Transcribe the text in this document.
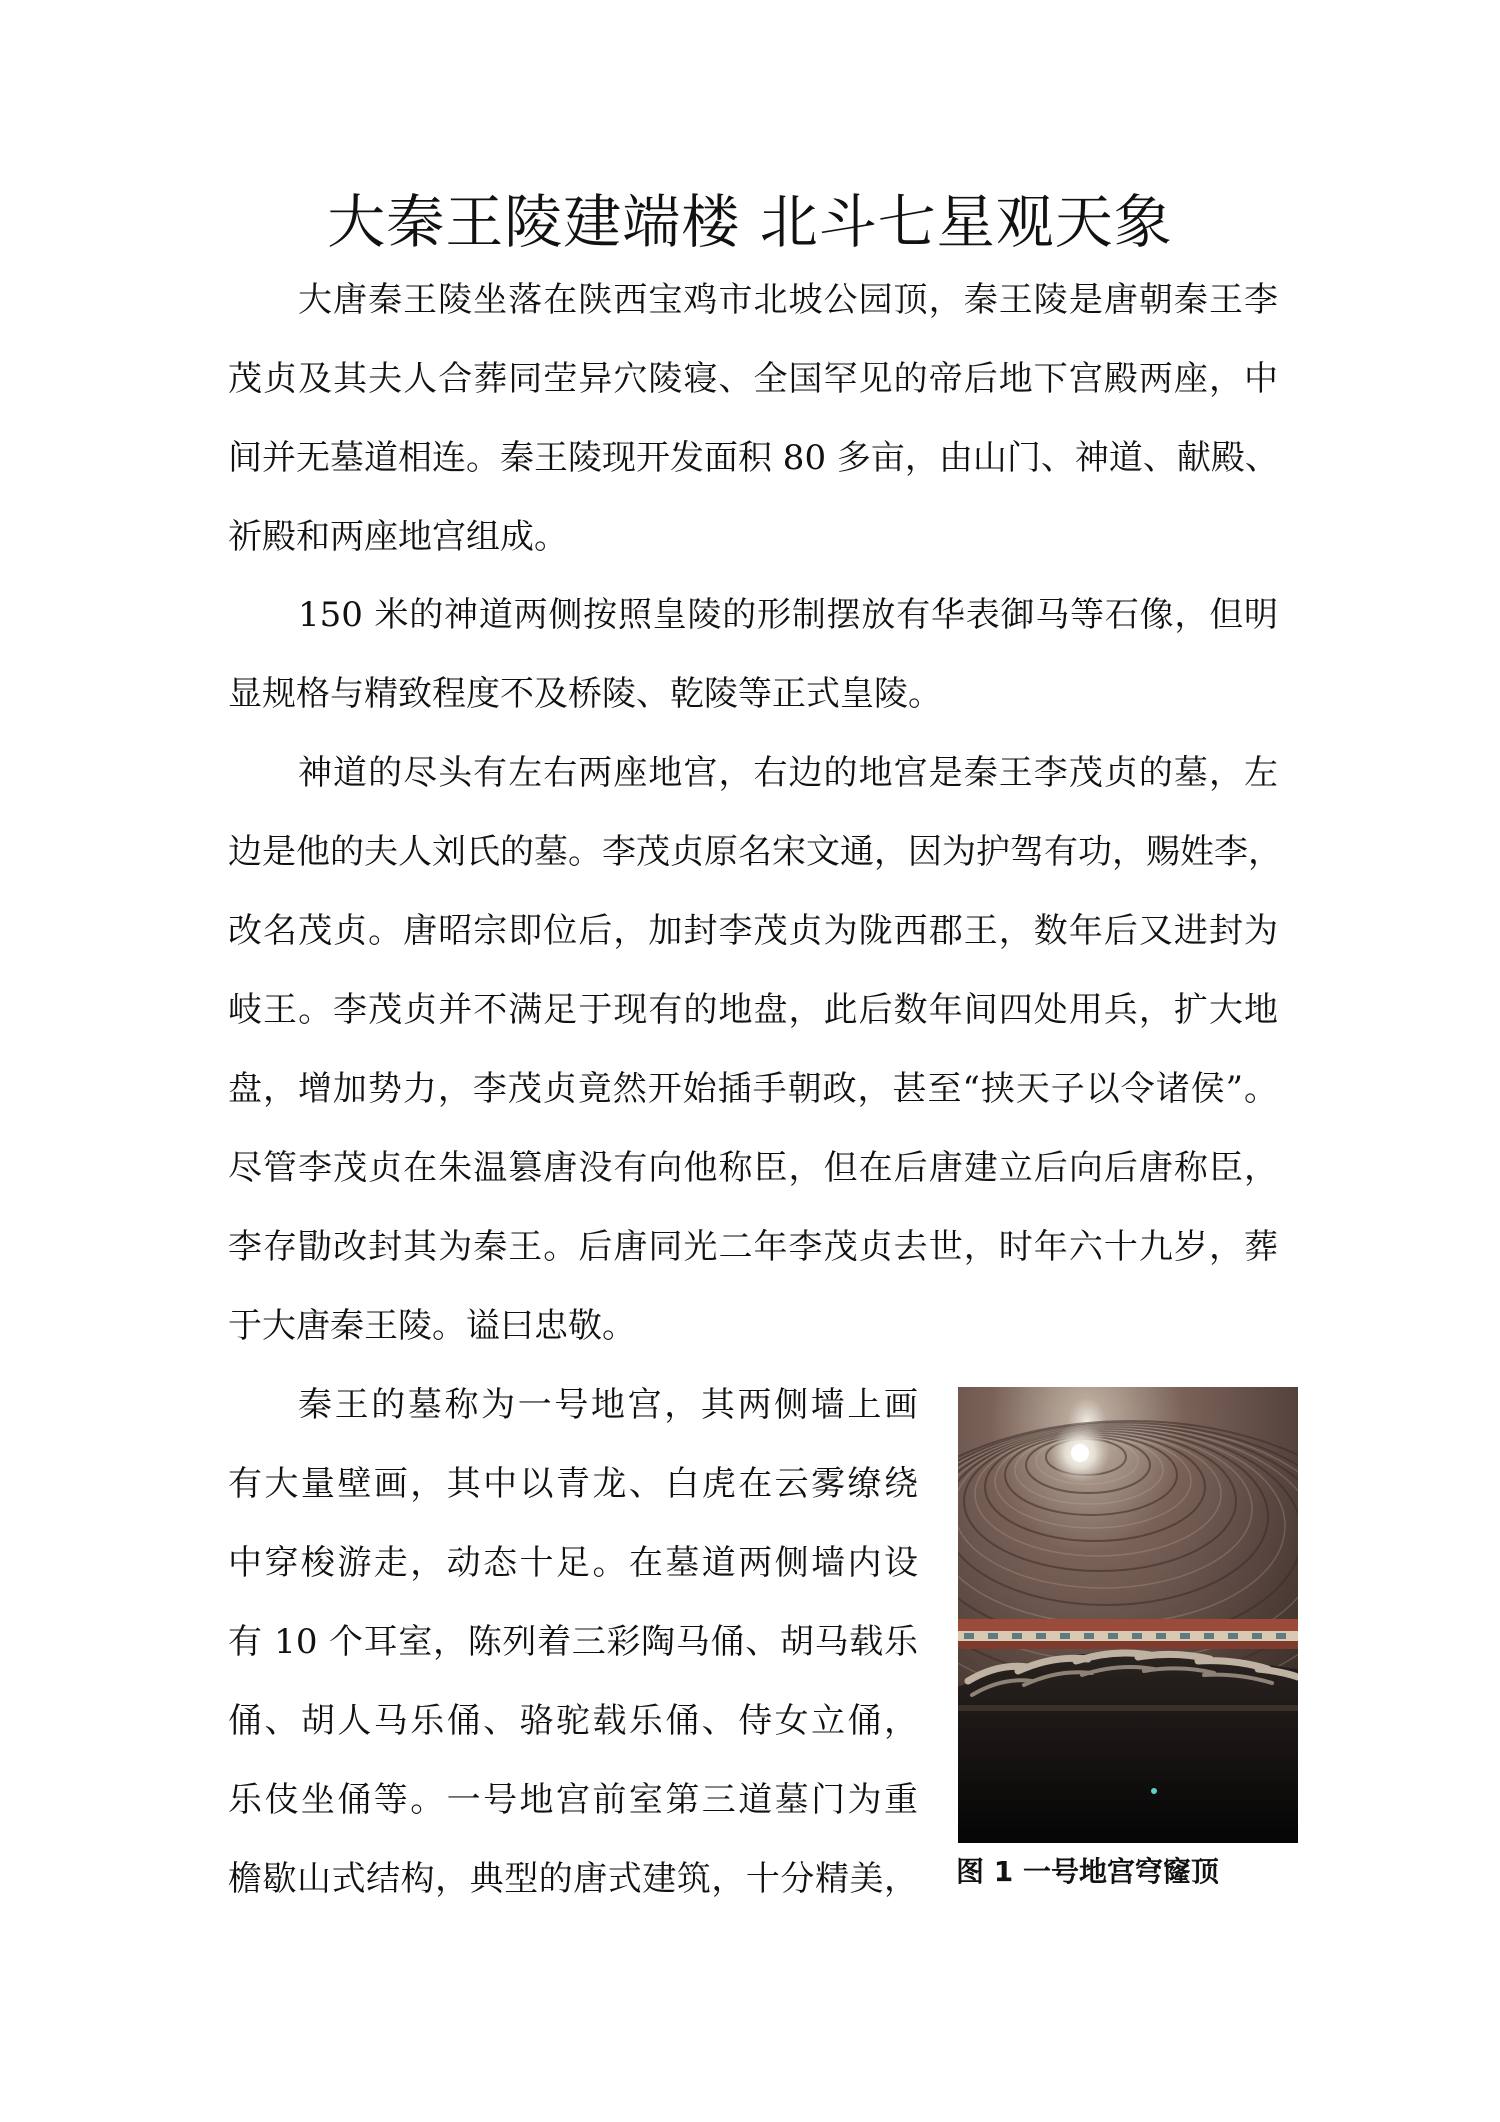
大秦王陵建端楼 北斗七星观天象
大唐秦王陵坐落在陕西宝鸡市北坡公园顶，秦王陵是唐朝秦王李
茂贞及其夫人合葬同茔异穴陵寝、全国罕见的帝后地下宫殿两座，中
间并无墓道相连。秦王陵现开发面积 80 多亩，由山门、神道、献殿、
祈殿和两座地宫组成。
150 米的神道两侧按照皇陵的形制摆放有华表御马等石像，但明
显规格与精致程度不及桥陵、乾陵等正式皇陵。
神道的尽头有左右两座地宫，右边的地宫是秦王李茂贞的墓，左
边是他的夫人刘氏的墓。李茂贞原名宋文通，因为护驾有功，赐姓李，
改名茂贞。唐昭宗即位后，加封李茂贞为陇西郡王，数年后又进封为
岐王。李茂贞并不满足于现有的地盘，此后数年间四处用兵，扩大地
盘，增加势力，李茂贞竟然开始插手朝政，甚至“挟天子以令诸侯”。
尽管李茂贞在朱温篡唐没有向他称臣，但在后唐建立后向后唐称臣，
李存勖改封其为秦王。后唐同光二年李茂贞去世，时年六十九岁，葬
于大唐秦王陵。谥曰忠敬。
秦王的墓称为一号地宫，其两侧墙上画
有大量壁画，其中以青龙、白虎在云雾缭绕
中穿梭游走，动态十足。在墓道两侧墙内设
有 10 个耳室，陈列着三彩陶马俑、胡马载乐
俑、胡人马乐俑、骆驼载乐俑、侍女立俑，
乐伎坐俑等。一号地宫前室第三道墓门为重
檐歇山式结构，典型的唐式建筑，十分精美， 图 1 一号地宫穹窿顶
